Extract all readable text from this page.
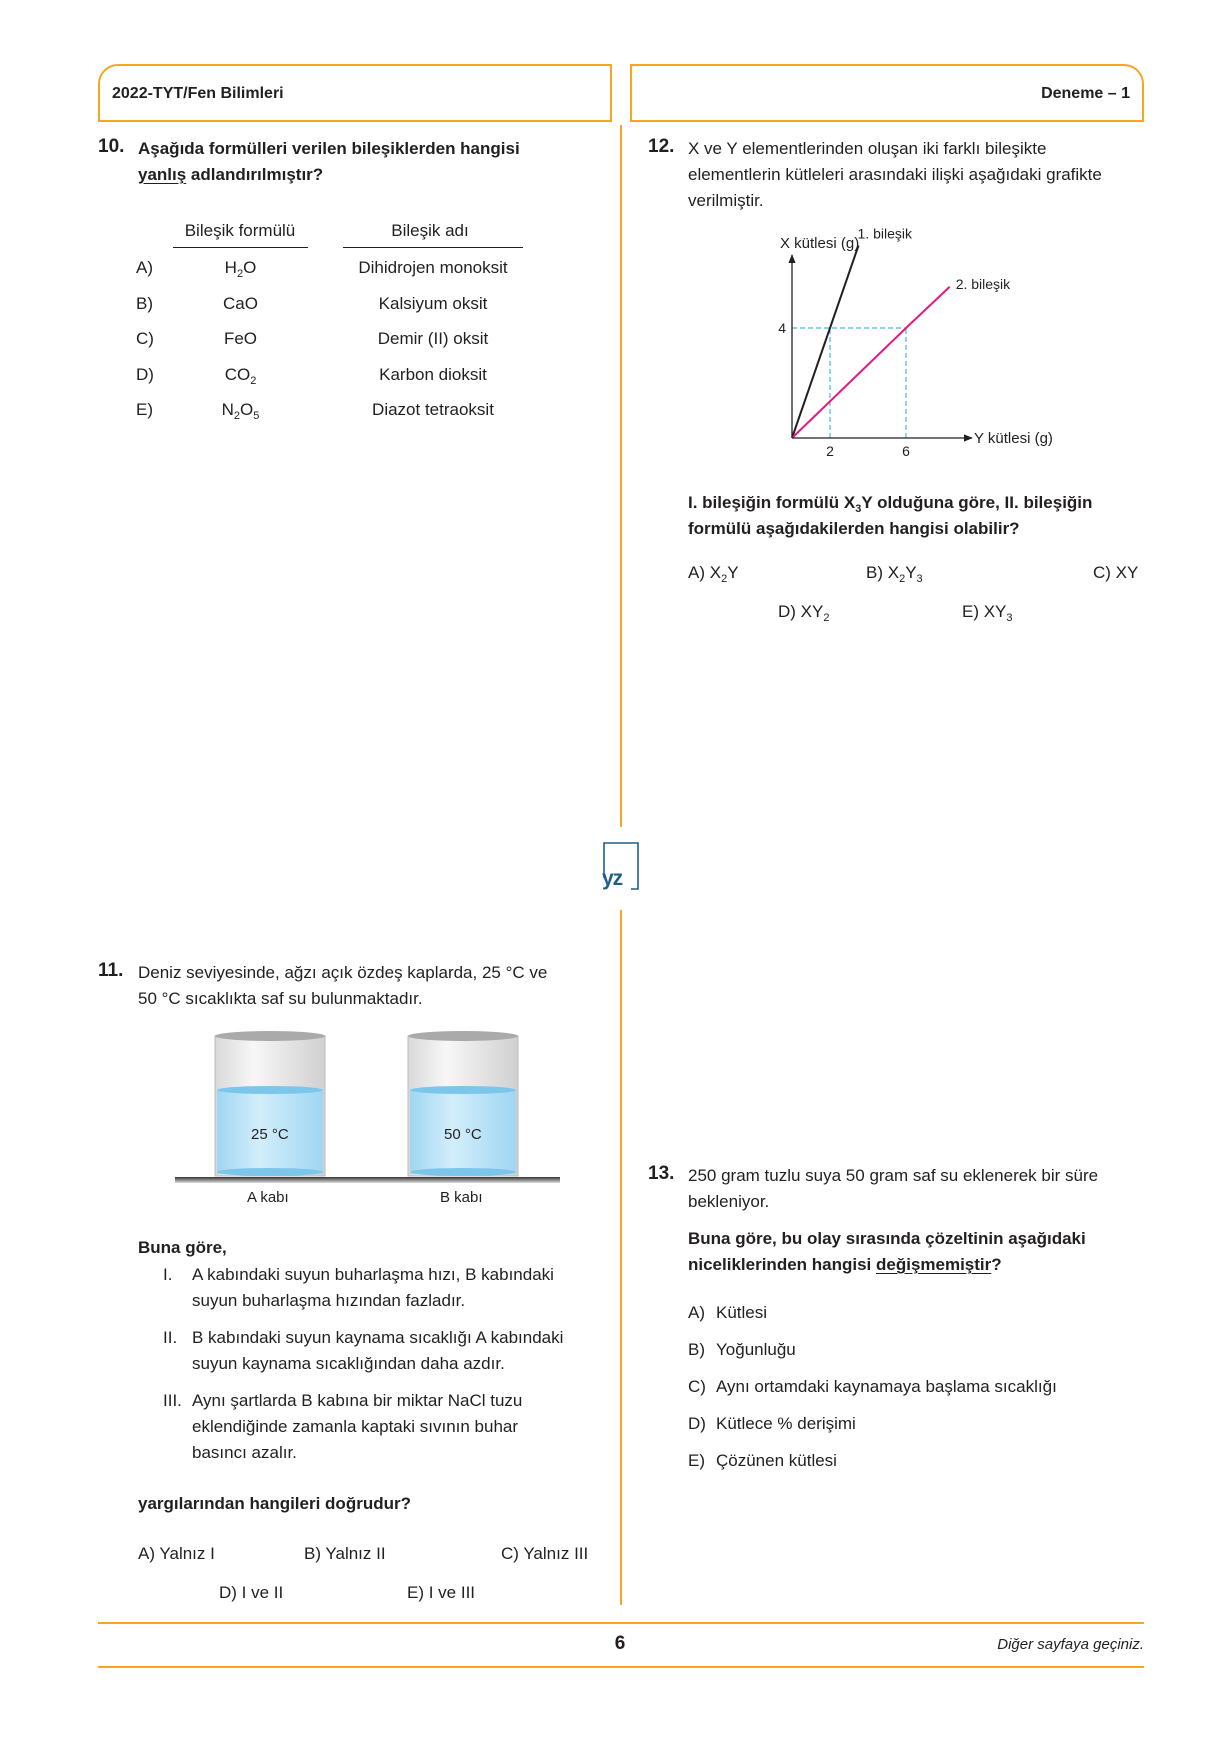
2022-TYT/Fen Bilimleri	Deneme – 1
yz
10. Aşağıda formülleri verilen bileşiklerden hangisi
yanlış adlandırılmıştır?
Bileşik formülü	Bileşik adı
A)	$H_2O$	Dihidrojen monoksit
B)	CaO	Kalsiyum oksit
C)	FeO	Demir (II) oksit
D)	$CO_2$	Karbon dioksit
E)	$N_2O_5$	Diazot tetraoksit
11. Deniz seviyesinde, ağzı açık özdeş kaplarda, 25 °C ve
50 °C sıcaklıkta saf su bulunmaktadır.
25 °C	50 °C
A kabı	B kabı
Buna göre,
I. A kabındaki suyun buharlaşma hızı, B kabındaki
suyun buharlaşma hızından fazladır.
II. B kabındaki suyun kaynama sıcaklığı A kabındaki
suyun kaynama sıcaklığından daha azdır.
III. Aynı şartlarda B kabına bir miktar NaCl tuzu
eklendiğinde zamanla kaptaki sıvının buhar
basıncı azalır.
yargılarından hangileri doğrudur?
A) Yalnız I	B) Yalnız II	C) Yalnız III
D) I ve II	E) I ve III
12. X ve Y elementlerinden oluşan iki farklı bileşikte
elementlerin kütleleri arasındaki ilişki aşağıdaki grafikte
verilmiştir.
X kütlesi (g)
Y kütlesi (g)
2	6
4
1. bileşik
2. bileşik
I. bileşiğin formülü $X_3Y$ olduğuna göre, II. bileşiğin
formülü aşağıdakilerden hangisi olabilir?
A) $X_2Y$	B) $X_2Y_3$	C) XY
D) $XY_2$	E) $XY_3$
13. 250 gram tuzlu suya 50 gram saf su eklenerek bir süre
bekleniyor.
Buna göre, bu olay sırasında çözeltinin aşağıdaki
niceliklerinden hangisi değişmemiştir?
A) Kütlesi
B) Yoğunluğu
C) Aynı ortamdaki kaynamaya başlama sıcaklığı
D) Kütlece % derişimi
E) Çözünen kütlesi
6	Diğer sayfaya geçiniz.
